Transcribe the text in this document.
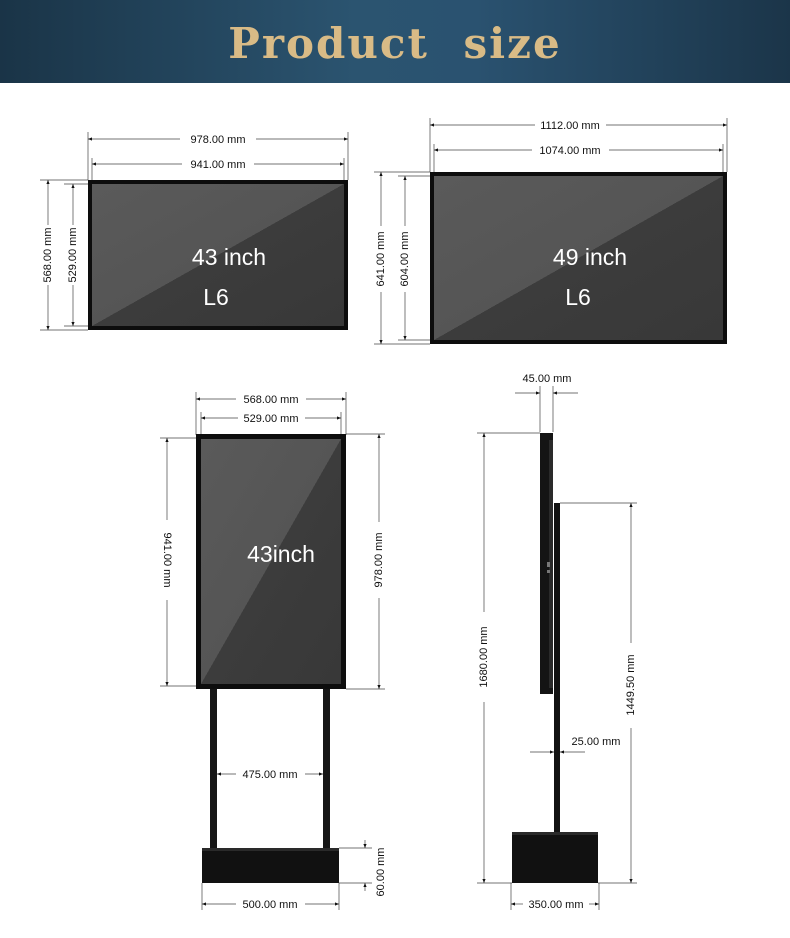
Product size
978.00 mm
941.00 mm
568.00 mm 529.00 mm	43 inch
L6
1112.00 mm
1074.00 mm
641.00 mm 604.00 mm	49 inch
L6
568.00 mm
529.00 mm
941.00 mm	978.00 mm
43inch
475.00 mm
500.00 mm
60.00 mm
45.00 mm
1680.00 mm	1449.50 mm
25.00 mm
350.00 mm
